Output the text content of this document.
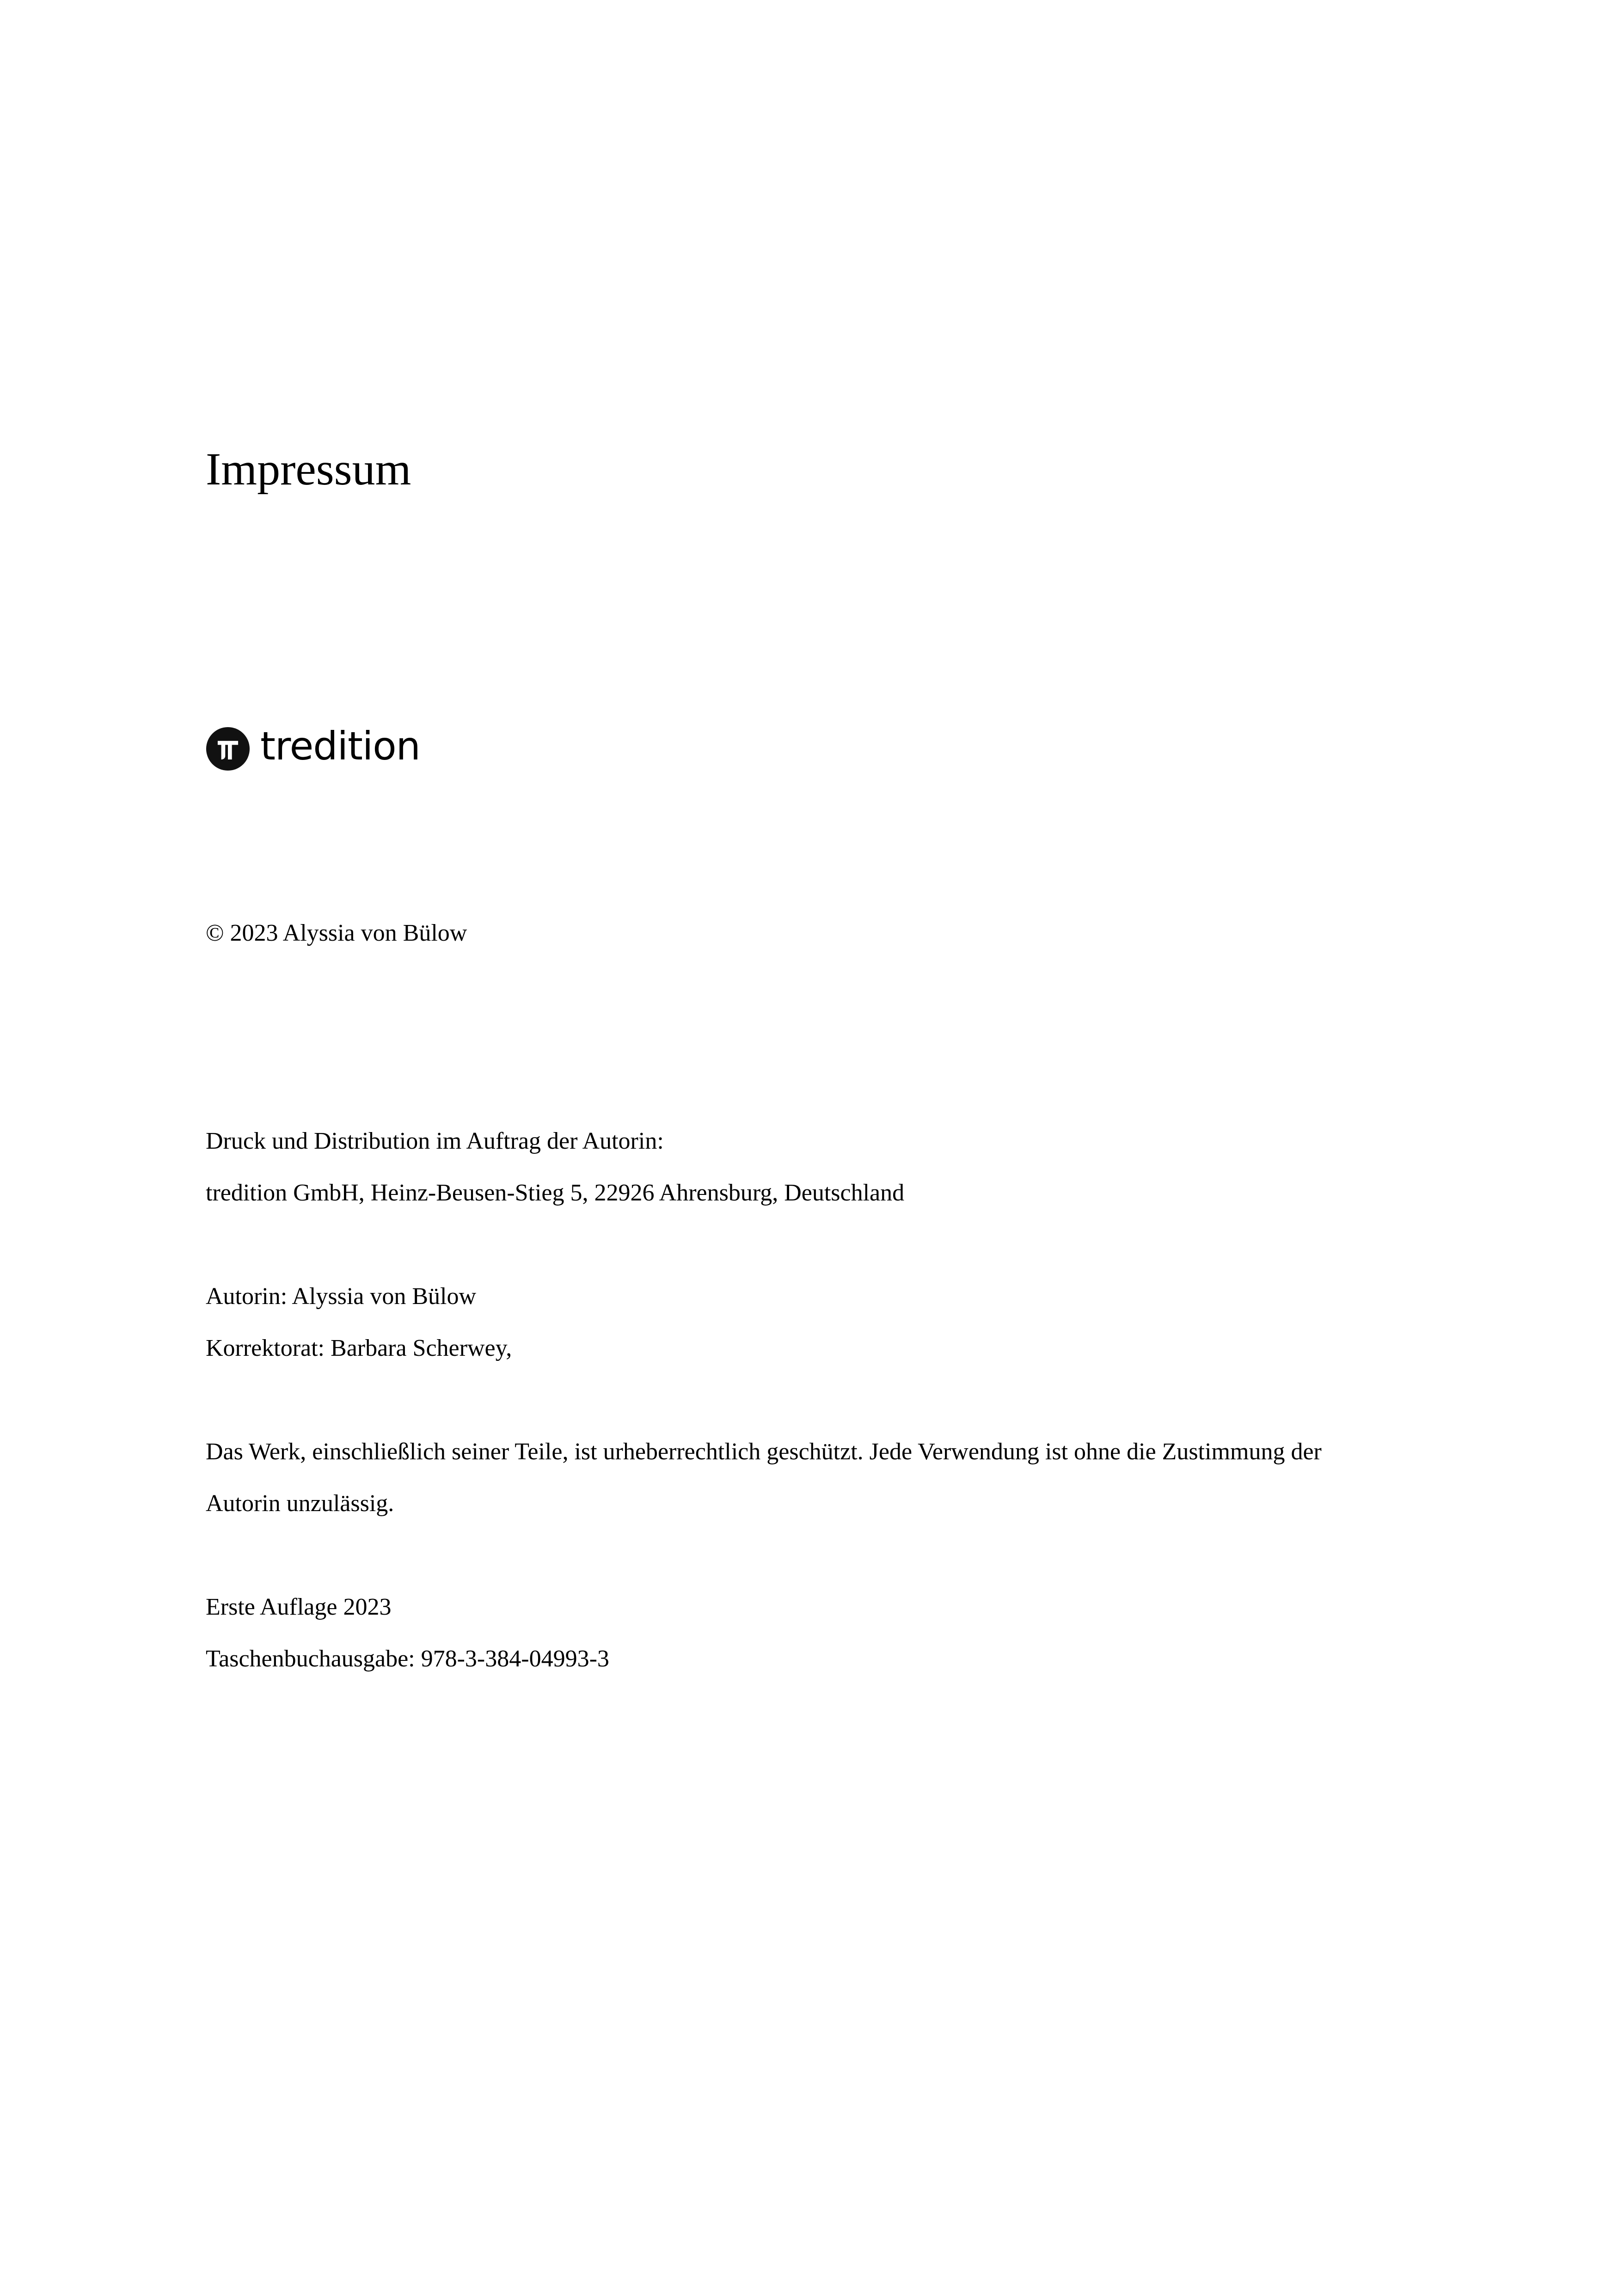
Impressum
tredition
© 2023 Alyssia von Bülow
Druck und Distribution im Auftrag der Autorin:
tredition GmbH, Heinz-Beusen-Stieg 5, 22926 Ahrensburg, Deutschland
Autorin: Alyssia von Bülow
Korrektorat: Barbara Scherwey,
Das Werk, einschließlich seiner Teile, ist urheberrechtlich geschützt. Jede Verwendung ist ohne die Zustimmung der
Autorin unzulässig.
Erste Auflage 2023
Taschenbuchausgabe: 978-3-384-04993-3
